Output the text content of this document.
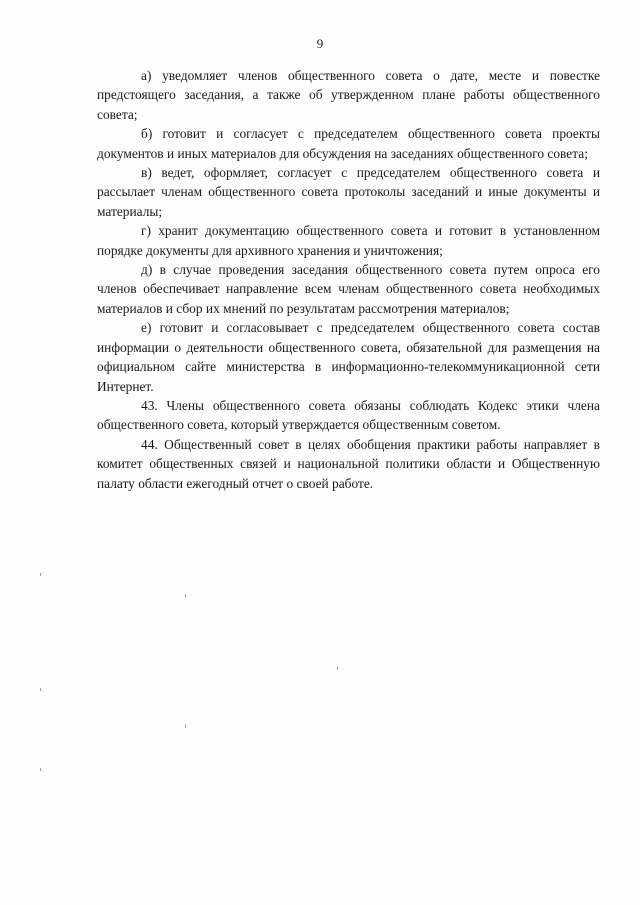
9

а) уведомляет членов общественного совета о дате, месте и повестке предстоящего заседания, а также об утвержденном плане работы общественного совета;

б) готовит и согласует с председателем общественного совета проекты документов и иных материалов для обсуждения на заседаниях общественного совета;

в) ведет, оформляет, согласует с председателем общественного совета и рассылает членам общественного совета протоколы заседаний и иные документы и материалы;

г) хранит документацию общественного совета и готовит в установленном порядке документы для архивного хранения и уничтожения;

д) в случае проведения заседания общественного совета путем опроса его членов обеспечивает направление всем членам общественного совета необходимых материалов и сбор их мнений по результатам рассмотрения материалов;

е) готовит и согласовывает с председателем общественного совета состав информации о деятельности общественного совета, обязательной для размещения на официальном сайте министерства в информационно-телекоммуникационной сети Интернет.

43. Члены общественного совета обязаны соблюдать Кодекс этики члена общественного совета, который утверждается общественным советом.

44. Общественный совет в целях обобщения практики работы направляет в комитет общественных связей и национальной политики области и Общественную палату области ежегодный отчет о своей работе.
